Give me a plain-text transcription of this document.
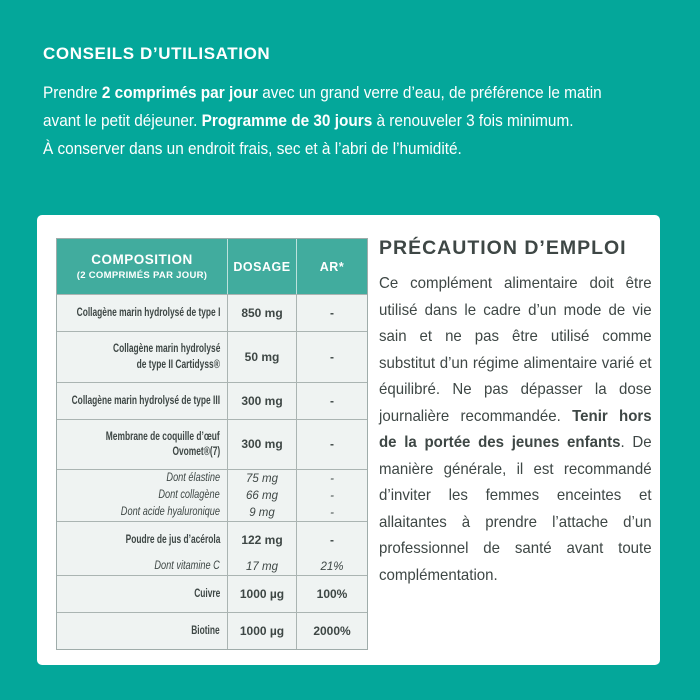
CONSEILS D’UTILISATION
Prendre 2 comprimés par jour avec un grand verre d’eau, de préférence le matin
avant le petit déjeuner. Programme de 30 jours à renouveler 3 fois minimum.
À conserver dans un endroit frais, sec et à l’abri de l’humidité.
COMPOSITION
(2 COMPRIMÉS PAR JOUR)
DOSAGE	AR*
Collagène marin hydrolysé de type I	850 mg	-
Collagène marin hydrolysé
de type II Cartidyss®	50 mg	-
Collagène marin hydrolysé de type III	300 mg	-
Membrane de coquille d’œuf
Ovomet®(7)	300 mg	-
Dont élastine	75 mg	-
Dont collagène	66 mg	-
Dont acide hyaluronique	9 mg	-
Poudre de jus d’acérola	122 mg	-
Dont vitamine C	17 mg	21%
Cuivre	1000 µg	100%
Biotine	1000 µg	2000%
PRÉCAUTION D’EMPLOI
Ce complément alimentaire doit être utilisé dans le cadre d’un mode de vie sain et ne pas être utilisé comme substitut d’un régime alimentaire varié et équilibré. Ne pas dépasser la dose journalière recommandée. Tenir hors de la portée des jeunes enfants. De manière générale, il est recommandé d’inviter les femmes enceintes et allaitantes à prendre l’attache d’un professionnel de santé avant toute complémentation.
